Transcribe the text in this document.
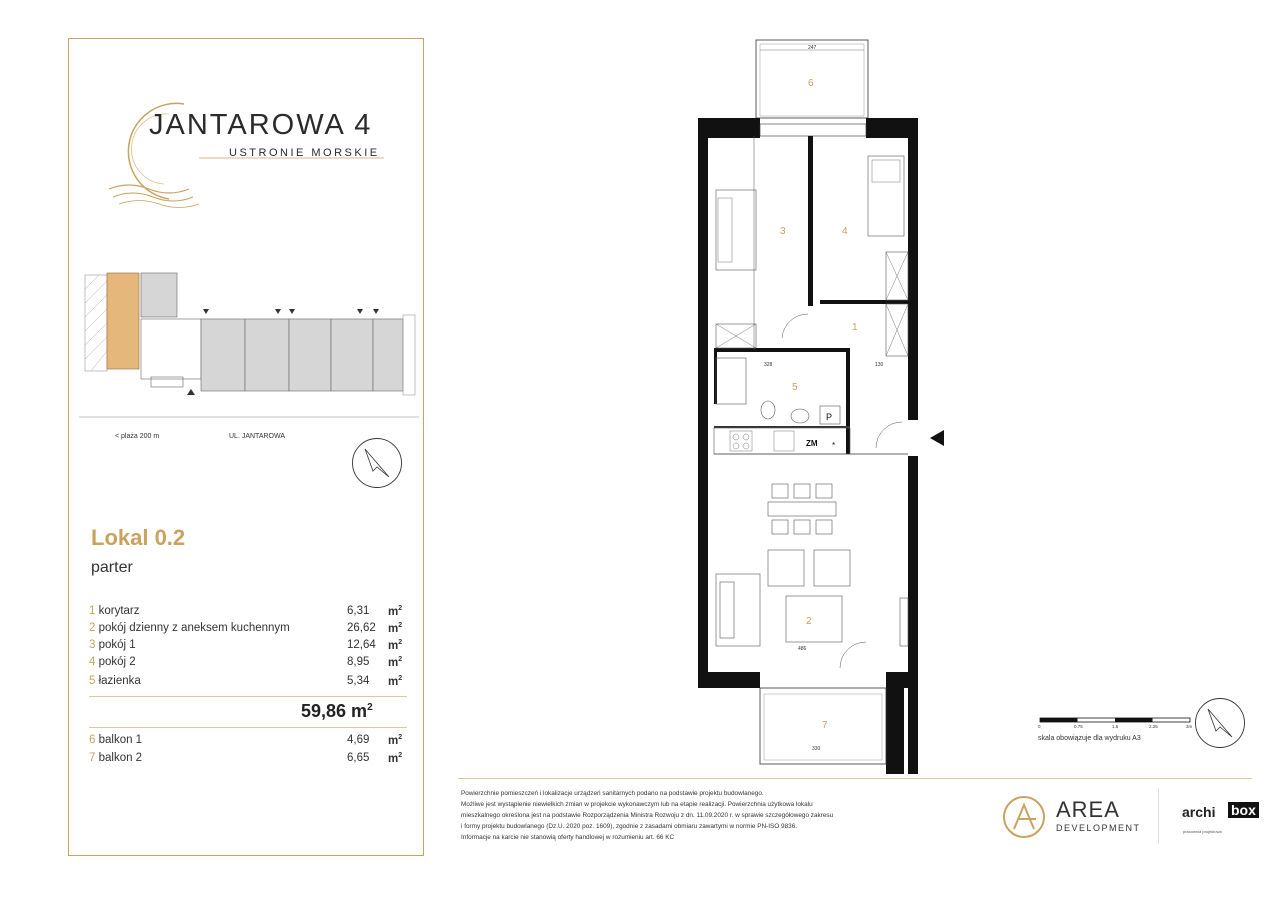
JANTAROWA 4
USTRONIE MORSKIE
< plaża 200 m	UL. JANTAROWA
Lokal 0.2
parter
1 korytarz	6,31 $m^2$
2 pokój dzienny z aneksem kuchennym	26,62 $m^2$
3 pokój 1	12,64 $m^2$
4 pokój 2	8,95 $m^2$
5 łazienka	5,34 $m^2$
59,86 $m^2$
6 balkon 1	4,69 $m^2$
7 balkon 2	6,65 $m^2$
247
6
3	4
1
130
P
5
328
ZM *
2
486
7
330
0	0.75	1.5	2.25	3m
skala obowiązuje dla wydruku A3
Powierzchnie pomieszczeń i lokalizacje urządzeń sanitarnych podano na podstawie projektu budowlanego.
Możliwe jest wystąpienie niewielkich zmian w projekcie wykonawczym lub na etapie realizacji. Powierzchnia użytkowa lokalu
mieszkalnego określona jest na podstawie Rozporządzenia Ministra Rozwoju z dn. 11.09.2020 r. w sprawie szczegółowego zakresu
i formy projektu budowlanego (Dz.U. 2020 poz. 1609), zgodnie z zasadami obmiaru zawartymi w normie PN-ISO 9836.
Informacje na karcie nie stanowią oferty handlowej w rozumieniu art. 66 KC
AREA
DEVELOPMENT
archi box
pracownia projektowa
